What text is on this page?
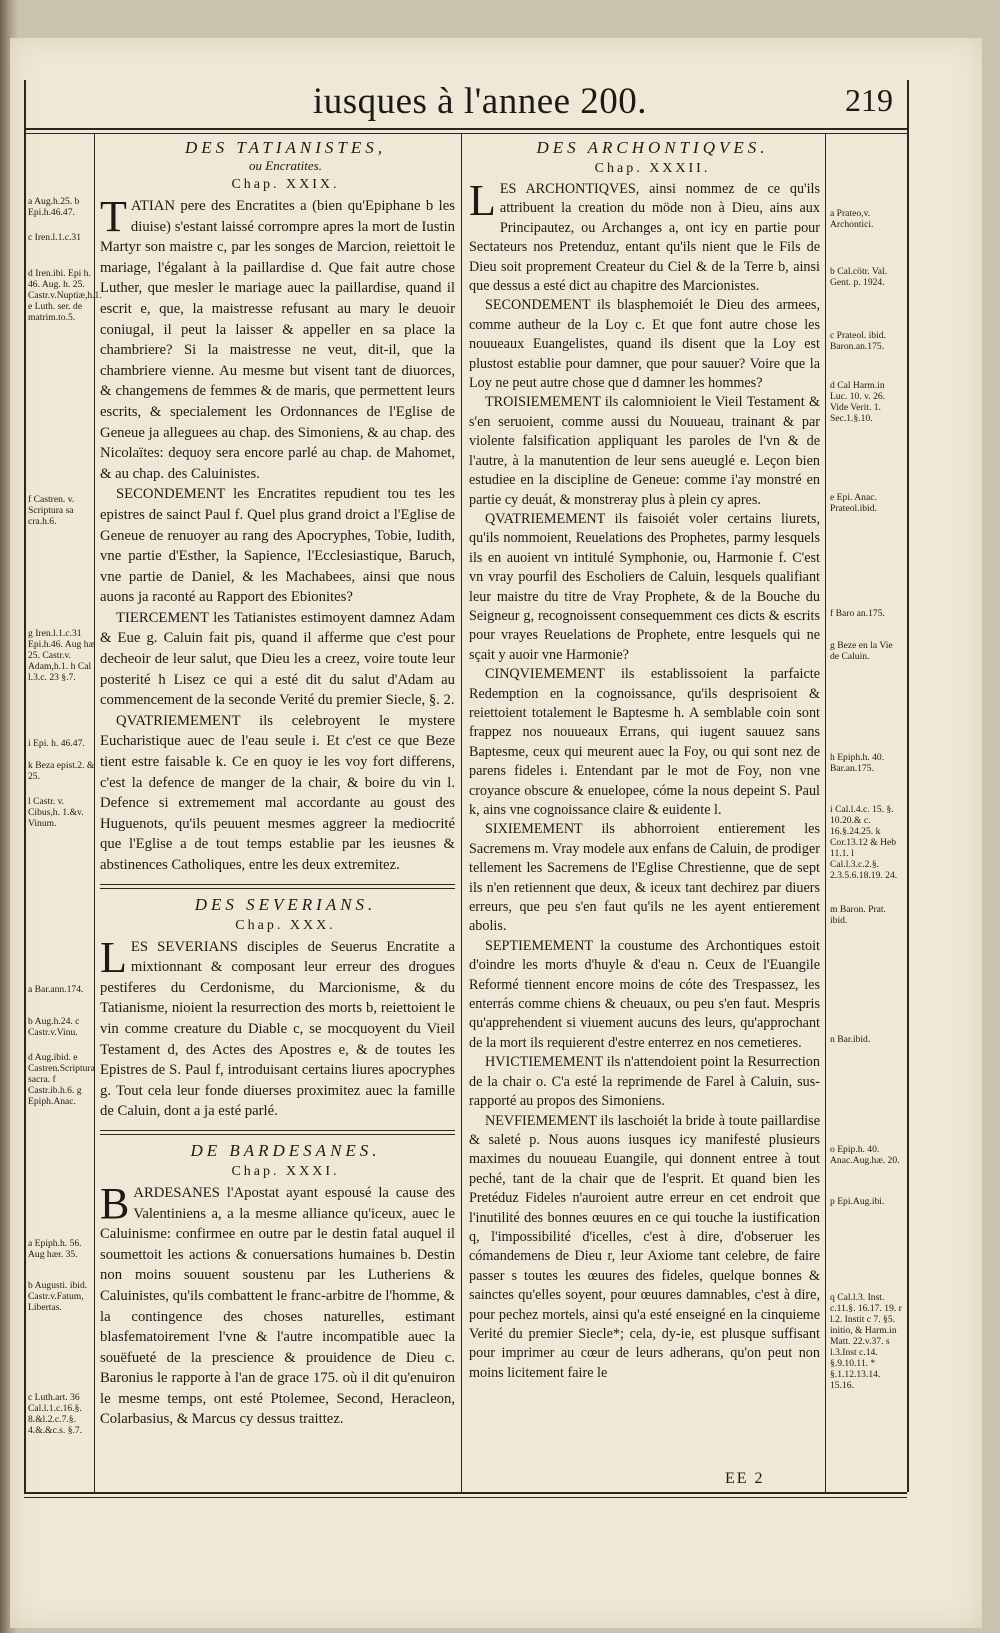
iusques à l'annee 200.	219

DES TATIANISTES,

ou Encratites.

Chap. XXIX.

T ATIAN pere des Encratites a (bien qu'Epiphane b les diuise) s'estant laissé corrompre apres la mort de Iustin Martyr son maistre c, par les songes de Marcion, reiettoit le mariage, l'égalant à la paillardise d. Que fait autre chose Luther, que mesler le mariage auec la paillardise, quand il escrit e, que, la maistresse refusant au mary le deuoir coniugal, il peut la laisser & appeller en sa place la chambriere? Si la maistresse ne veut, dit-il, que la chambriere vienne. Au mesme but visent tant de diuorces, & changemens de femmes & de maris, que permettent leurs escrits, & specialement les Ordonnances de l'Eglise de Geneue ja alleguees au chap. des Simoniens, & au chap. des Nicolaïtes: dequoy sera encore parlé au chap. de Mahomet, & au chap. des Caluinistes.

SECONDEMENT les Encratites repudient tou tes les epistres de sainct Paul f. Quel plus grand droict a l'Eglise de Geneue de renuoyer au rang des Apocryphes, Tobie, Iudith, vne partie d'Esther, la Sapience, l'Ecclesiastique, Baruch, vne partie de Daniel, & les Machabees, ainsi que nous auons ja raconté au Rapport des Ebionites?

TIERCEMENT les Tatianistes estimoyent damnez Adam & Eue g. Caluin fait pis, quand il afferme que c'est pour decheoir de leur salut, que Dieu les a creez, voire toute leur posterité h Lisez ce qui a esté dit du salut d'Adam au commencement de la seconde Verité du premier Siecle, §. 2.

QVATRIEMEMENT ils celebroyent le mystere Eucharistique auec de l'eau seule i. Et c'est ce que Beze tient estre faisable k. Ce en quoy ie les voy fort differens, c'est la defence de manger de la chair, & boire du vin l. Defence si extremement mal accordante au goust des Huguenots, qu'ils peuuent mesmes aggreer la mediocrité que l'Eglise a de tout temps establie par les ieusnes & abstinences Catholiques, entre les deux extremitez.

DES SEVERIANS.

Chap. XXX.

L ES SEVERIANS disciples de Seuerus Encratite a mixtionnant & composant leur erreur des drogues pestiferes du Cerdonisme, du Marcionisme, & du Tatianisme, nioient la resurrection des morts b, reiettoient le vin comme creature du Diable c, se mocquoyent du Vieil Testament d, des Actes des Apostres e, & de toutes les Epistres de S. Paul f, introduisant certains liures apocryphes g. Tout cela leur fonde diuerses proximitez auec la famille de Caluin, dont a ja esté parlé.

DE BARDESANES.

Chap. XXXI.

B ARDESANES l'Apostat ayant espousé la cause des Valentiniens a, a la mesme alliance qu'iceux, auec le Caluinisme: confirmee en outre par le destin fatal auquel il soumettoit les actions & conuersations humaines b. Destin non moins souuent soustenu par les Lutheriens & Caluinistes, qu'ils combattent le franc-arbitre de l'homme, & la contingence des choses naturelles, estimant blasfematoirement l'vne & l'autre incompatible auec la souëfueté de la prescience & prouidence de Dieu c. Baronius le rapporte à l'an de grace 175. où il dit qu'enuiron le mesme temps, ont esté Ptolemee, Second, Heracleon, Colarbasius, & Marcus cy dessus traittez.

DES ARCHONTIQVES.

Chap. XXXII.

L ES ARCHONTIQVES, ainsi nommez de ce qu'ils attribuent la creation du möde non à Dieu, ains aux Principautez, ou Archanges a, ont icy en partie pour Sectateurs nos Pretenduz, entant qu'ils nient que le Fils de Dieu soit proprement Createur du Ciel & de la Terre b, ainsi que dessus a esté dict au chapitre des Marcionistes.

SECONDEMENT ils blasphemoiét le Dieu des armees, comme autheur de la Loy c. Et que font autre chose les nouueaux Euangelistes, quand ils disent que la Loy est plustost establie pour damner, que pour sauuer? Voire que la Loy ne peut autre chose que d damner les hommes?

TROISIEMEMENT ils calomnioient le Vieil Testament & s'en seruoient, comme aussi du Nouueau, trainant & par violente falsification appliquant les paroles de l'vn & de l'autre, à la manutention de leur sens aueuglé e. Leçon bien estudiee en la discipline de Geneue: comme i'ay monstré en partie cy deuát, & monstreray plus à plein cy apres.

QVATRIEMEMENT ils faisoiét voler certains liurets, qu'ils nommoient, Reuelations des Prophetes, parmy lesquels ils en auoient vn intitulé Symphonie, ou, Harmonie f. C'est vn vray pourfil des Escholiers de Caluin, lesquels qualifiant leur maistre du titre de Vray Prophete, & de la Bouche du Seigneur g, recognoissent consequemment ces dicts & escrits pour vrayes Reuelations de Prophete, entre lesquels qui ne sçait y auoir vne Harmonie?

CINQVIEMEMENT ils establissoient la parfaicte Redemption en la cognoissance, qu'ils desprisoient & reiettoient totalement le Baptesme h. A semblable coin sont frappez nos nouueaux Errans, qui iugent sauuez sans Baptesme, ceux qui meurent auec la Foy, ou qui sont nez de parens fideles i. Entendant par le mot de Foy, non vne croyance obscure & enuelopee, cóme la nous depeint S. Paul k, ains vne cognoissance claire & euidente l.

SIXIEMEMENT ils abhorroient entierement les Sacremens m. Vray modele aux enfans de Caluin, de prodiger tellement les Sacremens de l'Eglise Chrestienne, que de sept ils n'en retiennent que deux, & iceux tant dechirez par diuers erreurs, que peu s'en faut qu'ils ne les ayent entierement abolis.

SEPTIEMEMENT la coustume des Archontiques estoit d'oindre les morts d'huyle & d'eau n. Ceux de l'Euangile Reformé tiennent encore moins de cóte des Trespassez, les enterrás comme chiens & cheuaux, ou peu s'en faut. Mespris qu'apprehendent si viuement aucuns des leurs, qu'approchant de la mort ils requierent d'estre enterrez en nos cemetieres.

HVICTIEMEMENT ils n'attendoient point la Resurrection de la chair o. C'a esté la reprimende de Farel à Caluin, sus-rapporté au propos des Simoniens.

NEVFIEMEMENT ils laschoiét la bride à toute paillardise & saleté p. Nous auons iusques icy manifesté plusieurs maximes du nouueau Euangile, qui donnent entree à tout peché, tant de la chair que de l'esprit. Et quand bien les Pretéduz Fideles n'auroient autre erreur en cet endroit que l'inutilité des bonnes œuures en ce qui touche la iustification q, l'impossibilité d'icelles, c'est à dire, d'obseruer les cómandemens de Dieu r, leur Axiome tant celebre, de faire passer s toutes les œuures des fideles, quelque bonnes & sainctes qu'elles soyent, pour œuures damnables, c'est à dire, pour pechez mortels, ainsi qu'a esté enseigné en la cinquieme Verité du premier Siecle*; cela, dy-ie, est plusque suffisant pour imprimer au cœur de leurs adherans, qu'on peut non moins licitement faire le

a Aug.h.25. b Epi.h.46.47.
c Iren.l.1.c.31
d Iren.ibi. Epi h. 46. Aug. h. 25. Castr.v.Nuptiæ,h.1. e Luth. ser. de matrim.to.5.
f Castren. v. Scriptura sa cra.h.6.
g Iren.l.1.c.31 Epi.h.46. Aug hæ 25. Castr.v. Adam,h.1. h Cal l.3.c. 23 §.7.
i Epi. h. 46.47.
k Beza epist.2. & 25.
l Castr. v. Cibus,h. 1.&v. Vinum.
a Bar.ann.174.
b Aug.h.24. c Castr.v.Vinu.
d Aug.ibid. e Castren.Scriptura sacra. f Castr.ib.h.6. g Epiph.Anac.
a Epiph.h. 56. Aug hær. 35.
b Augusti. ibid. Castr.v.Fatum, Libertas.
c Luth.art. 36 Cal.l.1.c.16.§. 8.&l.2.c.7.§. 4.&.&c.s. §.7.
a Prateo,v. Archontici.
b Cal.cötr. Val. Gent. p. 1924.
c Prateol. ibid. Baron.an.175.
d Cal Harm.in Luc. 10. v. 26. Vide Verit. 1. Sec.1.§.10.
e Epi. Anac. Prateol.ibid.
f Baro an.175.
g Beze en la Vie de Caluin.
h Epiph.h. 40. Bar.an.175.
i Cal.l.4.c. 15. §. 10.20.& c. 16.§.24.25. k Cor.13.12 & Heb 11.1. l Cal.l.3.c.2.§. 2.3.5.6.18.19. 24.
m Baron. Prat. ibid.
n Bar.ibid.
o Epip.h. 40. Anac.Aug.hæ. 20.
p Epi.Aug.ibi.
q Cal.l.3. Inst. c.11.§. 16.17. 19. r l.2. Instit c 7. §5. initio, & Harm.in Matt. 22.v.37. s l.3.Inst c.14. §.9.10.11. * §.1.12.13.14. 15.16.
EE 2
